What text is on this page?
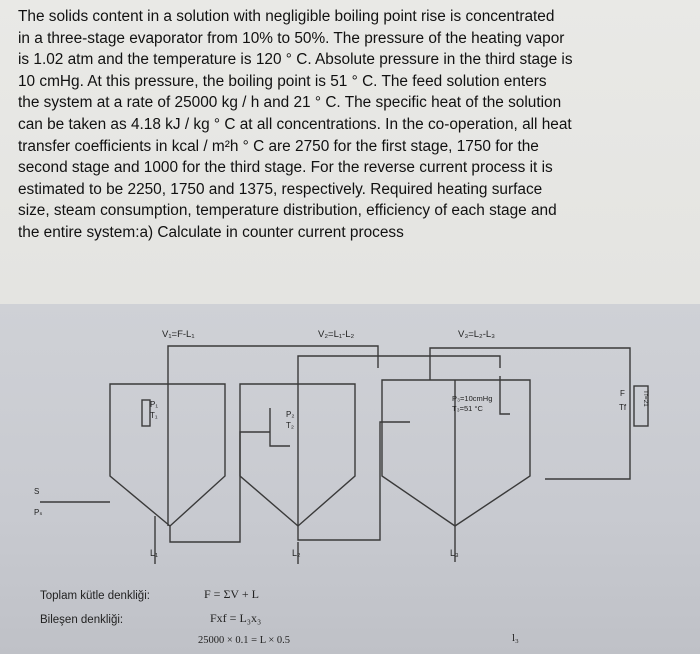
The solids content in a solution with negligible boiling point rise is concentrated
in a three-stage evaporator from 10% to 50%. The pressure of the heating vapor
is 1.02 atm and the temperature is 120 ° C. Absolute pressure in the third stage is
10 cmHg. At this pressure, the boiling point is 51 ° C. The feed solution enters
the system at a rate of 25000 kg / h and 21 ° C. The specific heat of the solution
can be taken as 4.18 kJ / kg ° C at all concentrations. In the co-operation, all heat
transfer coefficients in kcal / m²h ° C are 2750 for the first stage, 1750 for the
second stage and 1000 for the third stage. For the reverse current process it is
estimated to be 2250, 1750 and 1375, respectively. Required heating surface
size, steam consumption, temperature distribution, efficiency of each stage and
the entire system:a) Calculate in counter current process
V₁=F-L₁	V₂=L₁-L₂	V₃=L₂-L₃
P₁
T₁	P₂
T₂
P₃=10cmHg
T₃=51 °C
F
Tf
Tf=21
S
Pₛ
L₁	L₂	L₃
Toplam kütle denkliği:	F = ΣV + L
Bileşen denkliği:	Fxf = L₃x₃
25000 × 0.1 = L × 0.5	l₃
